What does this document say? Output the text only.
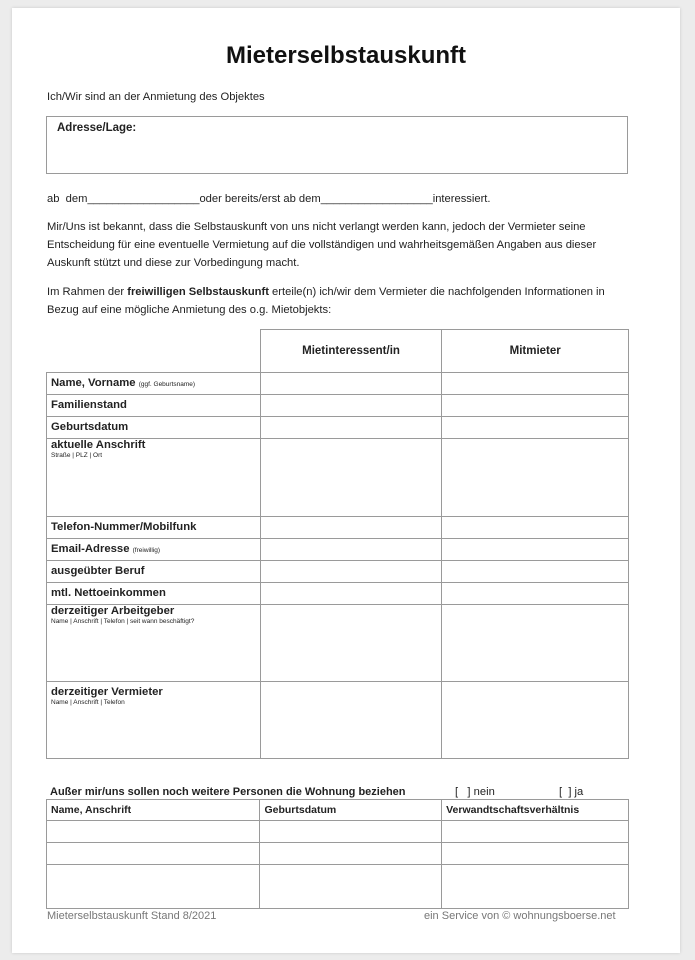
Mieterselbstauskunft
Ich/Wir sind an der Anmietung des Objektes
Adresse/Lage:
ab  dem__________________oder bereits/erst ab dem__________________interessiert.
Mir/Uns ist bekannt, dass die Selbstauskunft von uns nicht verlangt werden kann, jedoch der Vermieter seine Entscheidung für eine eventuelle Vermietung auf die vollständigen und wahrheitsgemäßen Angaben aus dieser Auskunft stützt und diese zur Vorbedingung macht.
Im Rahmen der freiwilligen Selbstauskunft erteile(n) ich/wir dem Vermieter die nachfolgenden Informationen in Bezug auf eine mögliche Anmietung des o.g. Mietobjekts:
	Mietinteressent/in	Mitmieter
Name, Vorname (ggf. Geburtsname)		
Familienstand		
Geburtsdatum		
aktuelle Anschrift
Straße | PLZ | Ort		

Telefon-Nummer/Mobilfunk		
Email-Adresse (freiwillig)		
ausgeübter Beruf		
mtl. Nettoeinkommen		
derzeitiger Arbeitgeber
Name | Anschrift | Telefon | seit wann beschäftigt?		

derzeitiger Vermieter
Name | Anschrift | Telefon		

Außer mir/uns sollen noch weitere Personen die Wohnung beziehen	[   ] nein	[  ] ja
Name, Anschrift	Geburtsdatum	Verwandtschaftsverhältnis

Mieterselbstauskunft Stand 8/2021	ein Service von © wohnungsboerse.net
